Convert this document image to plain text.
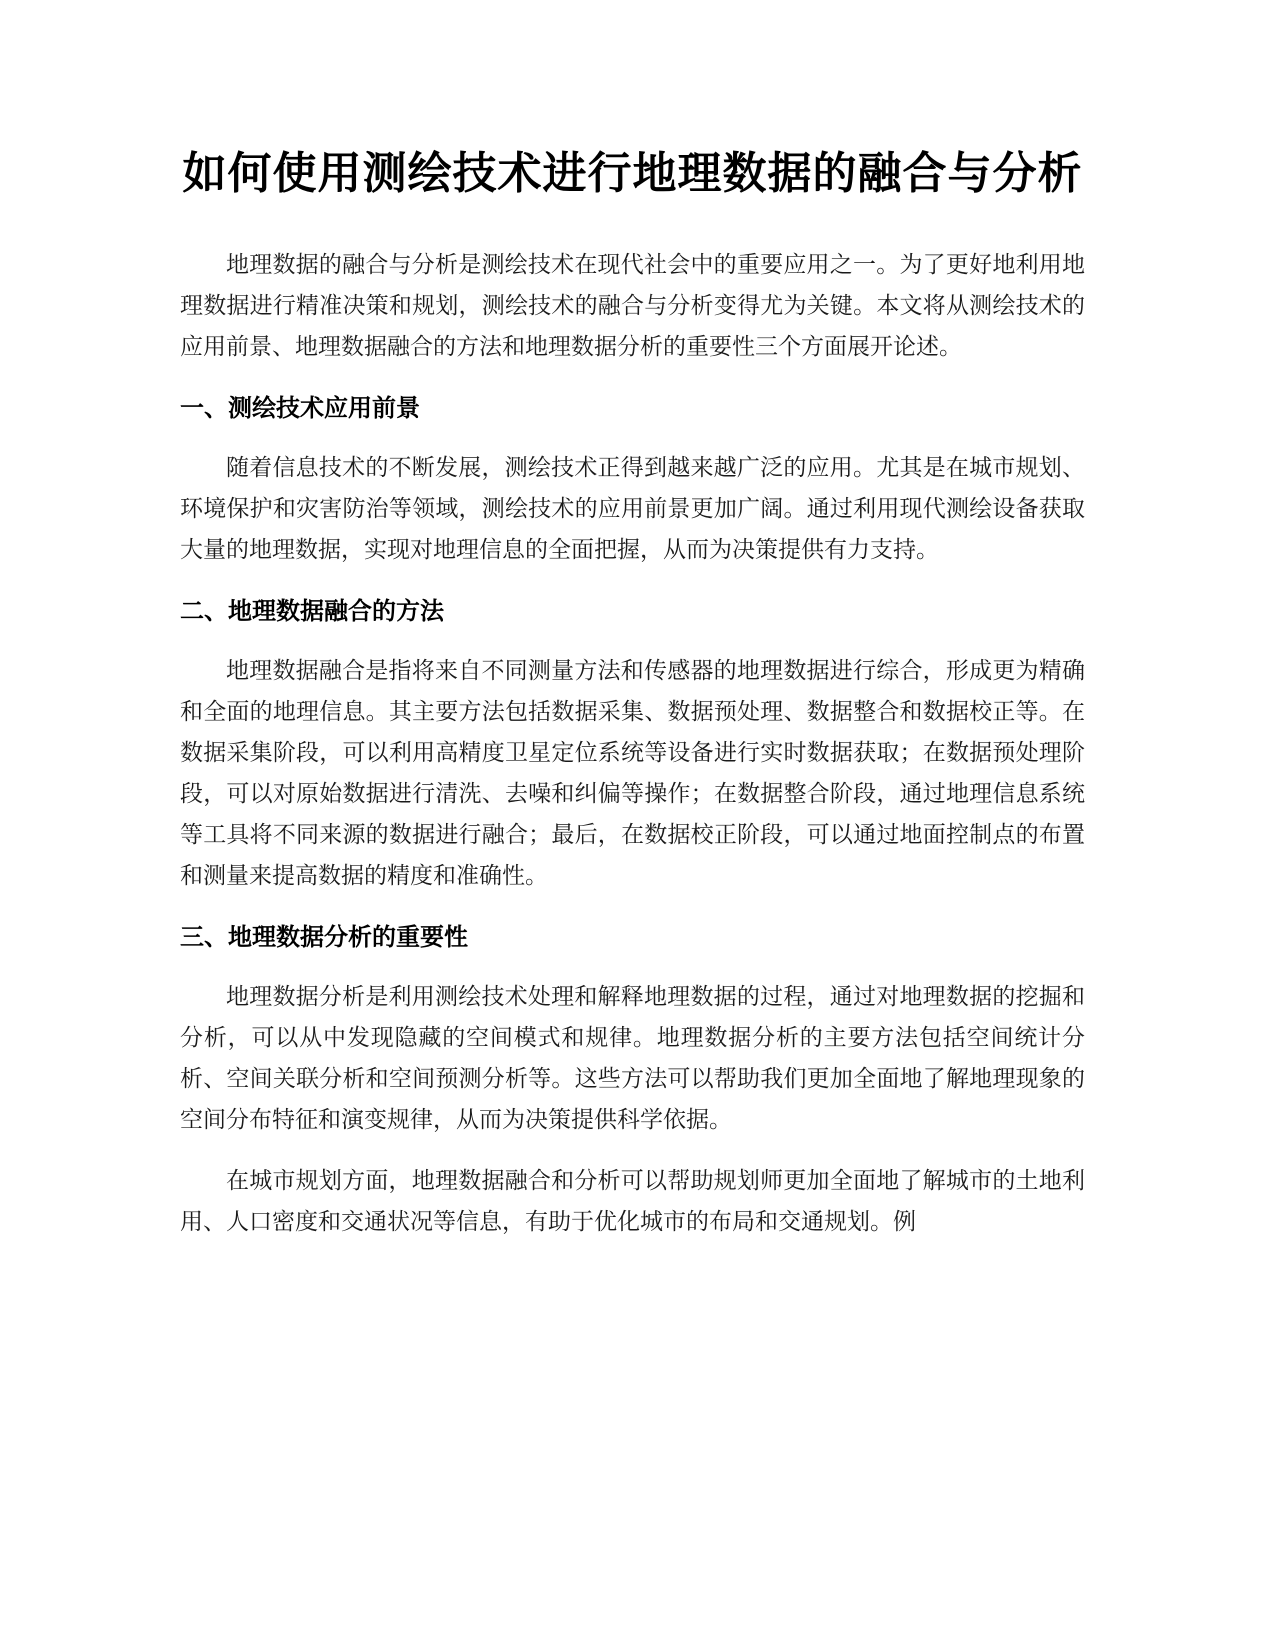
如何使用测绘技术进行地理数据的融合与分析

地理数据的融合与分析是测绘技术在现代社会中的重要应用之一。为了更好地利用地理数据进行精准决策和规划，测绘技术的融合与分析变得尤为关键。本文将从测绘技术的应用前景、地理数据融合的方法和地理数据分析的重要性三个方面展开论述。

一、测绘技术应用前景

随着信息技术的不断发展，测绘技术正得到越来越广泛的应用。尤其是在城市规划、环境保护和灾害防治等领域，测绘技术的应用前景更加广阔。通过利用现代测绘设备获取大量的地理数据，实现对地理信息的全面把握，从而为决策提供有力支持。

二、地理数据融合的方法

地理数据融合是指将来自不同测量方法和传感器的地理数据进行综合，形成更为精确和全面的地理信息。其主要方法包括数据采集、数据预处理、数据整合和数据校正等。在数据采集阶段，可以利用高精度卫星定位系统等设备进行实时数据获取；在数据预处理阶段，可以对原始数据进行清洗、去噪和纠偏等操作；在数据整合阶段，通过地理信息系统等工具将不同来源的数据进行融合；最后，在数据校正阶段，可以通过地面控制点的布置和测量来提高数据的精度和准确性。

三、地理数据分析的重要性

地理数据分析是利用测绘技术处理和解释地理数据的过程，通过对地理数据的挖掘和分析，可以从中发现隐藏的空间模式和规律。地理数据分析的主要方法包括空间统计分析、空间关联分析和空间预测分析等。这些方法可以帮助我们更加全面地了解地理现象的空间分布特征和演变规律，从而为决策提供科学依据。

在城市规划方面，地理数据融合和分析可以帮助规划师更加全面地了解城市的土地利用、人口密度和交通状况等信息，有助于优化城市的布局和交通规划。例
